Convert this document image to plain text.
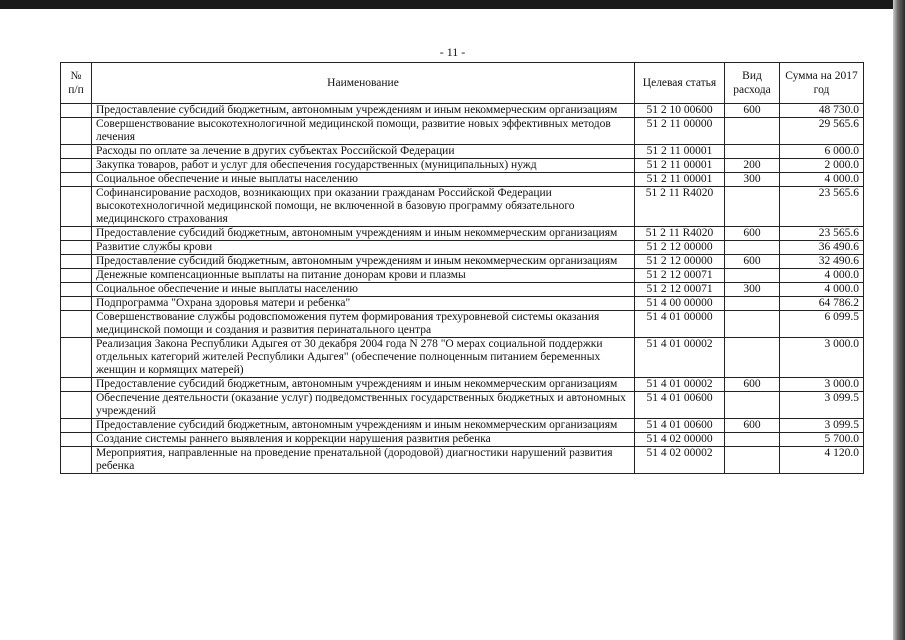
- 11 -
№ п/п	Наименование	Целевая статья	Вид расхода	Сумма на 2017 год
	Предоставление субсидий бюджетным, автономным учреждениям и иным некоммерческим организациям	51 2 10 00600	600	48 730.0
	Совершенствование высокотехнологичной медицинской помощи, развитие новых эффективных методов лечения	51 2 11 00000		29 565.6
	Расходы по оплате за лечение в других субъектах Российской Федерации	51 2 11 00001		6 000.0
	Закупка товаров, работ и услуг для обеспечения государственных (муниципальных) нужд	51 2 11 00001	200	2 000.0
	Социальное обеспечение и иные выплаты населению	51 2 11 00001	300	4 000.0
	Софинансирование расходов, возникающих при оказании гражданам Российской Федерации высокотехнологичной медицинской помощи, не включенной в базовую программу обязательного медицинского страхования	51 2 11 R4020		23 565.6
	Предоставление субсидий бюджетным, автономным учреждениям и иным некоммерческим организациям	51 2 11 R4020	600	23 565.6
	Развитие службы крови	51 2 12 00000		36 490.6
	Предоставление субсидий бюджетным, автономным учреждениям и иным некоммерческим организациям	51 2 12 00000	600	32 490.6
	Денежные компенсационные выплаты на питание донорам крови и плазмы	51 2 12 00071		4 000.0
	Социальное обеспечение и иные выплаты населению	51 2 12 00071	300	4 000.0
	Подпрограмма "Охрана здоровья матери и ребенка"	51 4 00 00000		64 786.2
	Совершенствование службы родовспоможения путем формирования трехуровневой системы оказания медицинской помощи и создания и развития перинатального центра	51 4 01 00000		6 099.5
	Реализация Закона Республики Адыгея от 30 декабря 2004 года N 278 "О мерах социальной поддержки отдельных категорий жителей Республики Адыгея" (обеспечение полноценным питанием беременных женщин и кормящих матерей)	51 4 01 00002		3 000.0
	Предоставление субсидий бюджетным, автономным учреждениям и иным некоммерческим организациям	51 4 01 00002	600	3 000.0
	Обеспечение деятельности (оказание услуг) подведомственных государственных бюджетных и автономных учреждений	51 4 01 00600		3 099.5
	Предоставление субсидий бюджетным, автономным учреждениям и иным некоммерческим организациям	51 4 01 00600	600	3 099.5
	Создание системы раннего выявления и коррекции нарушения развития ребенка	51 4 02 00000		5 700.0
	Мероприятия, направленные на проведение пренатальной (дородовой) диагностики нарушений развития ребенка	51 4 02 00002		4 120.0
